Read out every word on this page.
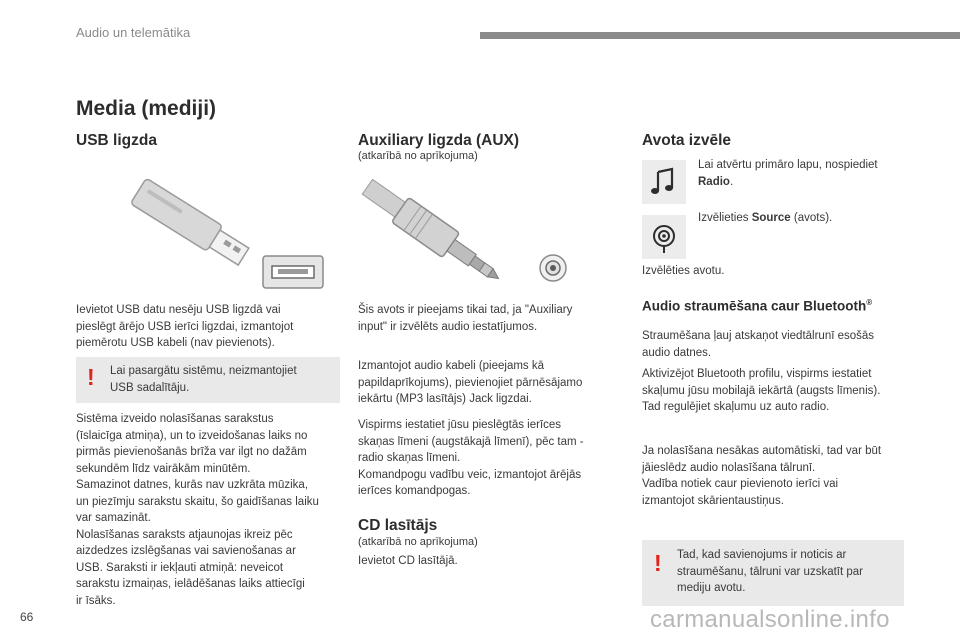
Audio un telemātika
Media (mediji)
USB ligzda
Ievietot USB datu nesēju USB ligzdā vai
pieslēgt ārējo USB ierīci ligzdai, izmantojot
piemērotu USB kabeli (nav pievienots).
! Lai pasargātu sistēmu, neizmantojiet
USB sadalītāju.
Sistēma izveido nolasīšanas sarakstus
(īslaicīga atmiņa), un to izveidošanas laiks no
pirmās pievienošanās brīža var ilgt no dažām
sekundēm līdz vairākām minūtēm.
Samazinot datnes, kurās nav uzkrāta mūzika,
un piezīmju sarakstu skaitu, šo gaidīšanas laiku
var samazināt.
Nolasīšanas saraksts atjaunojas ikreiz pēc
aizdedzes izslēgšanas vai savienošanas ar
USB. Saraksti ir iekļauti atmiņā: neveicot
sarakstu izmaiņas, ielādēšanas laiks attiecīgi
ir īsāks.
Auxiliary ligzda (AUX)
(atkarībā no aprīkojuma)
Šis avots ir pieejams tikai tad, ja "Auxiliary
input" ir izvēlēts audio iestatījumos.
Izmantojot audio kabeli (pieejams kā
papildaprīkojums), pievienojiet pārnēsājamo
iekārtu (MP3 lasītājs) Jack ligzdai.
Vispirms iestatiet jūsu pieslēgtās ierīces
skaņas līmeni (augstākajā līmenī), pēc tam -
radio skaņas līmeni.
Komandpogu vadību veic, izmantojot ārējās
ierīces komandpogas.
CD lasītājs
(atkarībā no aprīkojuma)
Ievietot CD lasītājā.
Avota izvēle
Lai atvērtu primāro lapu, nospiediet
Radio.
Izvēlieties Source (avots).
Izvēlēties avotu.
Audio straumēšana caur Bluetooth®
Straumēšana ļauj atskaņot viedtālrunī esošās
audio datnes.
Aktivizējot Bluetooth profilu, vispirms iestatiet
skaļumu jūsu mobilajā iekārtā (augsts līmenis).
Tad regulējiet skaļumu uz auto radio.
Ja nolasīšana nesākas automātiski, tad var būt
jāieslēdz audio nolasīšana tālrunī.
Vadība notiek caur pievienoto ierīci vai
izmantojot skārientaustiņus.
! Tad, kad savienojums ir noticis ar
straumēšanu, tālruni var uzskatīt par
mediju avotu.
66	carmanualsonline.info
